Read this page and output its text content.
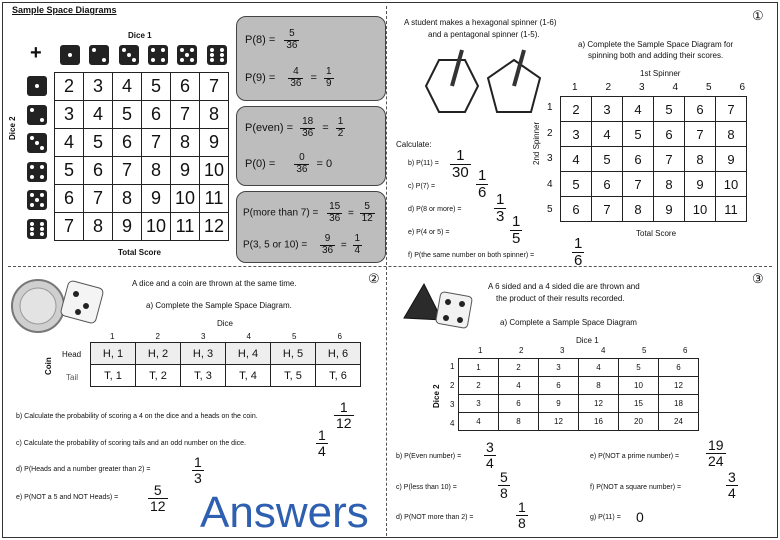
Sample Space Diagrams
+
Dice 1
Dice 2
2	3	4	5	6	7
3	4	5	6	7	8
4	5	6	7	8	9
5	6	7	8	9	10
6	7	8	9	10	11
7	8	9	10	11	12
Total Score
$P(8) = \frac{5}{36}$
$P(9) = \frac{4}{36} = \frac{1}{9}$
P(even) = $\frac{18}{36} = \frac{1}{2}$
$P(0) = \frac{0}{36} = 0$
P(more than $7) = \frac{15}{36} = \frac{5}{12}$
P(3, 5 or $10) = \frac{9}{36} = \frac{1}{4}$
①
A student makes a hexagonal spinner (1-6)
and a pentagonal spinner (1-5).
a) Complete the Sample Space Diagram for
spinning both and adding their scores.
1st Spinner
2nd Spinner
1	2	3	4	5	6
1
2
3
4
5
2	3	4	5	6	7
3	4	5	6	7	8
4	5	6	7	8	9
5	6	7	8	9	10
6	7	8	9	10	11
Total Score
Calculate:
b) $P(11) = \frac{1}{30}$
c) P(7) =	$\frac{1}{6}$
d) P(8 or more) = $\frac{1}{3}$
e) P(4 or 5) =	$\frac{1}{5}$
f) P(the same number on both spinner) =	$\frac{1}{6}$
②
A dice and a coin are thrown at the same time.
a) Complete the Sample Space Diagram.
Dice
Coin
1	2	3	4	5	6
Head
Tail
H, 1	H, 2	H, 3	H, 4	H, 5	H, 6
T, 1	T, 2	T, 3	T, 4	T, 5	T, 6
b) Calculate the probability of scoring a 4 on the dice and a heads on the coin.	$\frac{1}{12}$
c) Calculate the probability of scoring tails and an odd number on the dice.	$\frac{1}{4}$
d) P(Heads and a number greater than 2) =	$\frac{1}{3}$
e) P(NOT a 5 and NOT Heads) = $\frac{5}{12}$ Answers
③
A 6 sided and a 4 sided die are thrown and
the product of their results recorded.
a) Complete a Sample Space Diagram
Dice 1
Dice 2
1	2	3	4	5	6
1
2
3
4
1	2	3	4	5	6
2	4	6	8	10	12
3	6	9	12	15	18
4	8	12	16	20	24
b) P(Even number) = $\frac{3}{4}$
c) P(less than 10) =	$\frac{5}{8}$
d) P(NOT more than 2) =	$\frac{1}{8}$
e) P(NOT a prime number) = $\frac{19}{24}$
f) P(NOT a square number) =	$\frac{3}{4}$
g) P(11) = 0
